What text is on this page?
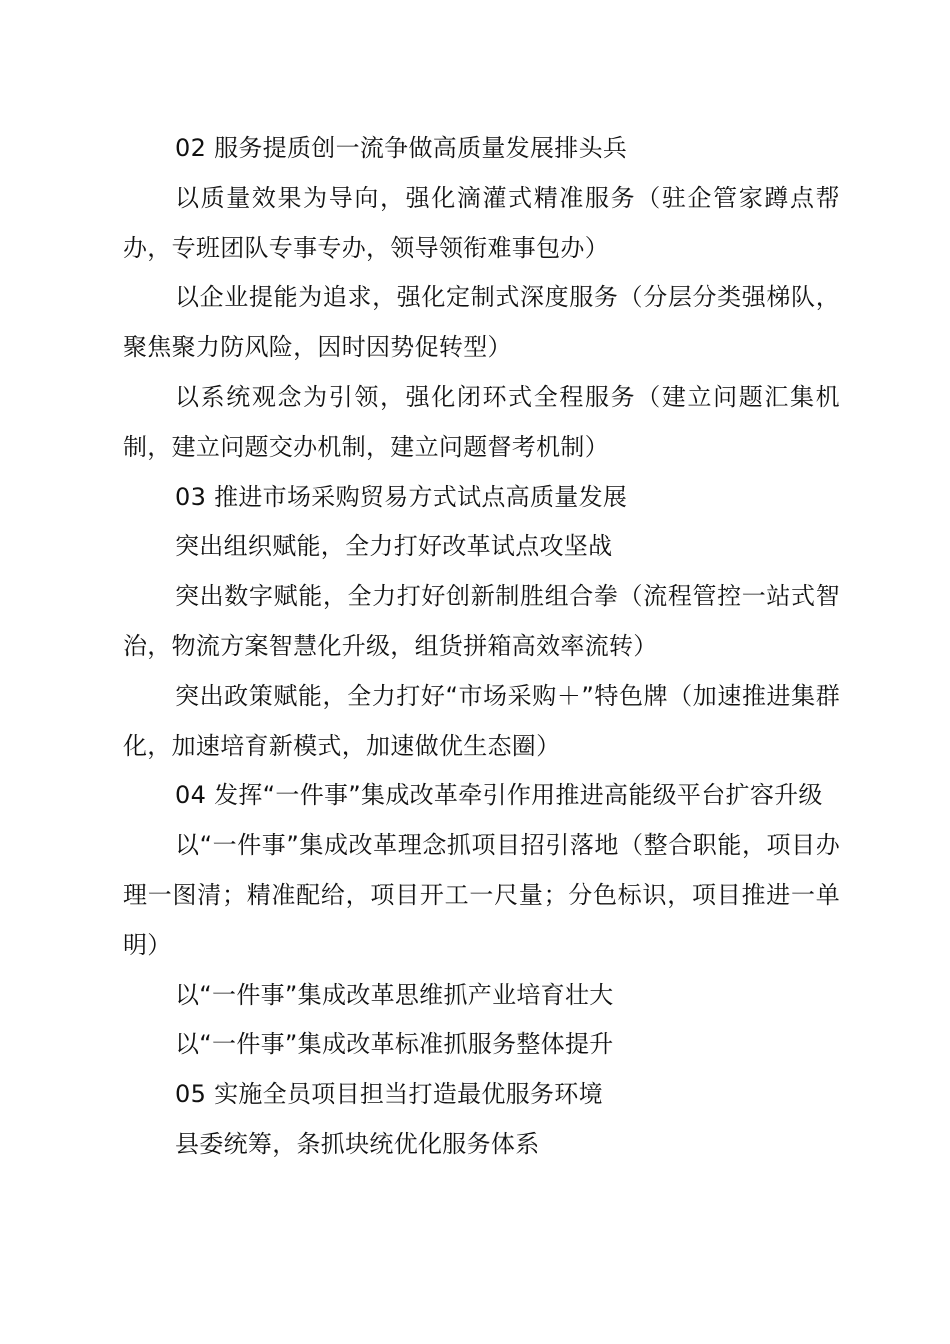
02 服务提质创一流争做高质量发展排头兵

以质量效果为导向，强化滴灌式精准服务（驻企管家蹲点帮办，专班团队专事专办，领导领衔难事包办）

以企业提能为追求，强化定制式深度服务（分层分类强梯队，聚焦聚力防风险，因时因势促转型）

以系统观念为引领，强化闭环式全程服务（建立问题汇集机制，建立问题交办机制，建立问题督考机制）

03 推进市场采购贸易方式试点高质量发展

突出组织赋能，全力打好改革试点攻坚战

突出数字赋能，全力打好创新制胜组合拳（流程管控一站式智治，物流方案智慧化升级，组货拼箱高效率流转）

突出政策赋能，全力打好“市场采购＋”特色牌（加速推进集群化，加速培育新模式，加速做优生态圈）

04 发挥“一件事”集成改革牵引作用推进高能级平台扩容升级

以“一件事”集成改革理念抓项目招引落地（整合职能，项目办理一图清；精准配给，项目开工一尺量；分色标识，项目推进一单明）

以“一件事”集成改革思维抓产业培育壮大

以“一件事”集成改革标准抓服务整体提升

05 实施全员项目担当打造最优服务环境

县委统筹，条抓块统优化服务体系
